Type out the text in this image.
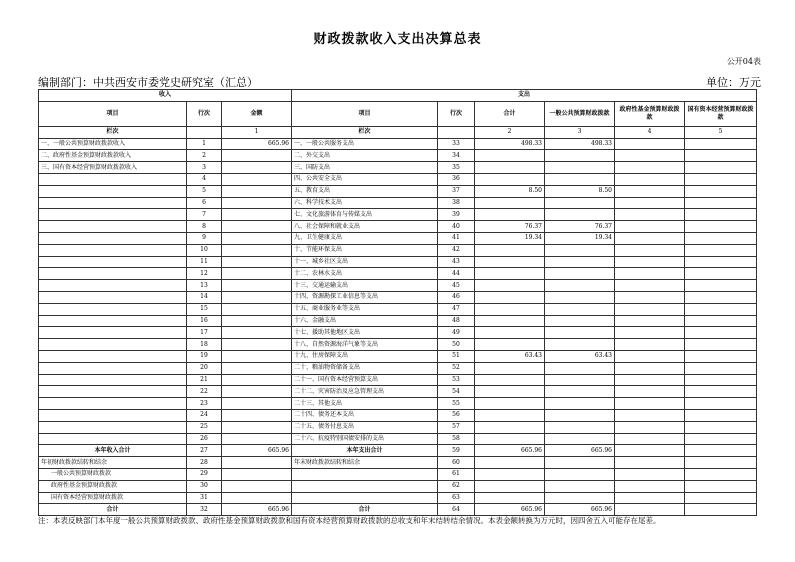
财政拨款收入支出决算总表
公开04表
编制部门：中共西安市委党史研究室（汇总）	单位：万元
收入			支出					
项目	行次	金额	项目	行次	合计	一般公共预算财政拨款	政府性基金预算财政拨款	国有资本经营预算财政拨款
栏次		1	栏次		2	3	4	5
一、一般公共预算财政拨款收入	1	665.96	一、一般公共服务支出	33	498.33	498.33		
二、政府性基金预算财政拨款收入	2		二、外交支出	34				
三、国有资本经营预算财政拨款收入	3		三、国防支出	35				
	4		四、公共安全支出	36				
	5		五、教育支出	37	8.50	8.50		
	6		六、科学技术支出	38				
	7		七、文化旅游体育与传媒支出	39				
	8		八、社会保障和就业支出	40	76.37	76.37		
	9		九、卫生健康支出	41	19.34	19.34		
	10		十、节能环保支出	42				
	11		十一、城乡社区支出	43				
	12		十二、农林水支出	44				
	13		十三、交通运输支出	45				
	14		十四、资源勘探工业信息等支出	46				
	15		十五、商业服务业等支出	47				
	16		十六、金融支出	48				
	17		十七、援助其他地区支出	49				
	18		十八、自然资源海洋气象等支出	50				
	19		十九、住房保障支出	51	63.43	63.43		
	20		二十、粮油物资储备支出	52				
	21		二十一、国有资本经营预算支出	53				
	22		二十二、灾害防治及应急管理支出	54				
	23		二十三、其他支出	55				
	24		二十四、债务还本支出	56				
	25		二十五、债务付息支出	57				
	26		二十六、抗疫特别国债安排的支出	58				
本年收入合计	27	665.96	本年支出合计	59	665.96	665.96		
年初财政拨款结转和结余	28		年末财政拨款结转和结余	60				
一般公共预算财政拨款	29			61				
政府性基金预算财政拨款	30			62				
国有资本经营预算财政拨款	31			63				
合计	32	665.96	合计	64	665.96	665.96		
注：本表反映部门本年度一般公共预算财政拨款、政府性基金预算财政拨款和国有资本经营预算财政拨款的总收支和年末结转结余情况。本表金额转换为万元时，因四舍五入可能存在尾差。
